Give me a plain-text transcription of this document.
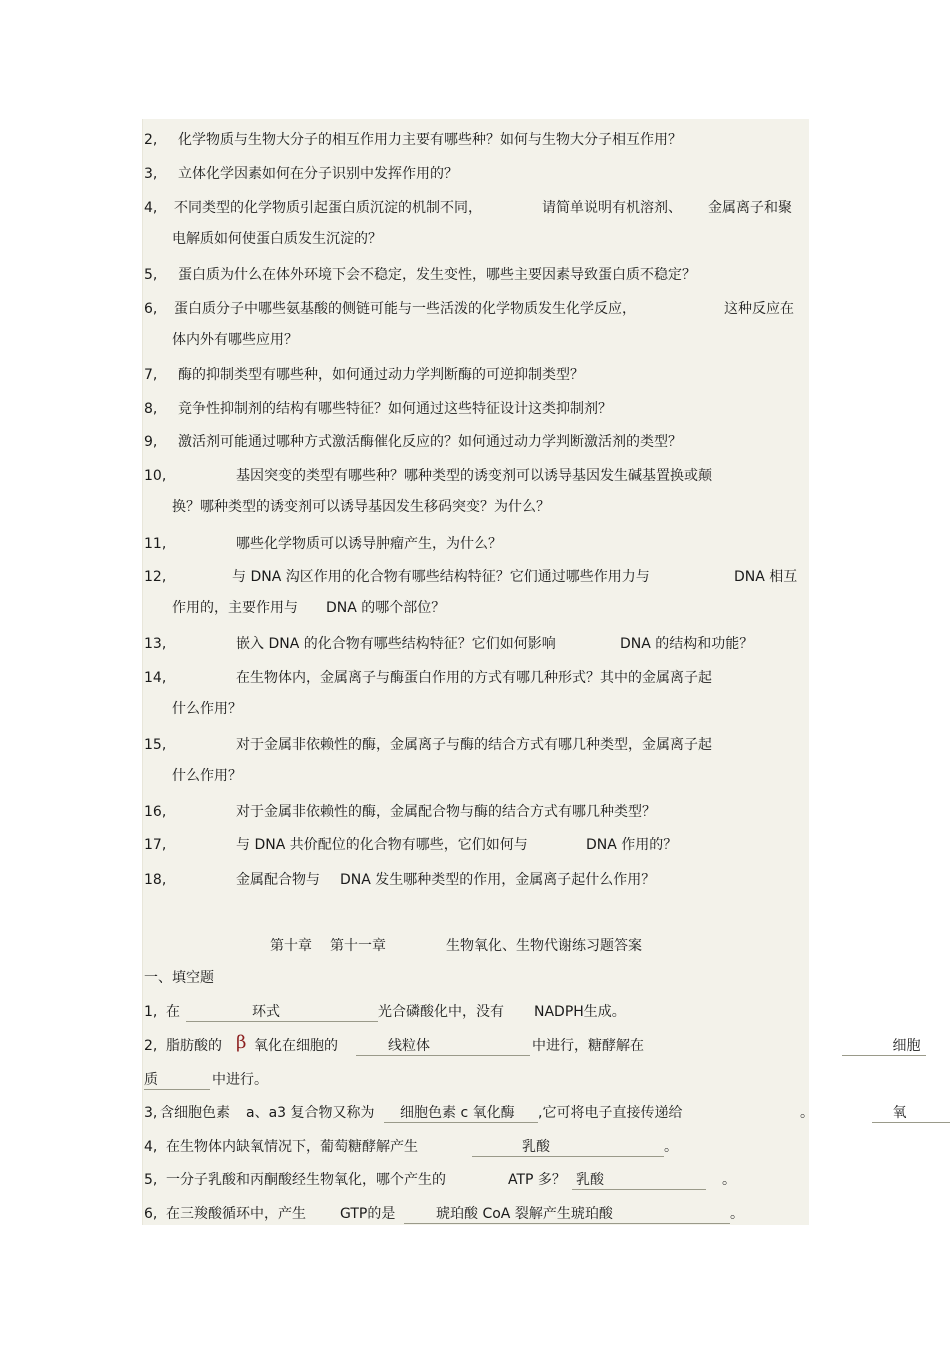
2, 化学物质与生物大分子的相互作用力主要有哪些种？如何与生物大分子相互作用？
3, 立体化学因素如何在分子识别中发挥作用的？
4, 不同类型的化学物质引起蛋白质沉淀的机制不同，	请简单说明有机溶剂、 金属离子和聚
电解质如何使蛋白质发生沉淀的？
5, 蛋白质为什么在体外环境下会不稳定，发生变性，哪些主要因素导致蛋白质不稳定？
6, 蛋白质分子中哪些氨基酸的侧链可能与一些活泼的化学物质发生化学反应，	这种反应在
体内外有哪些应用？
7, 酶的抑制类型有哪些种，如何通过动力学判断酶的可逆抑制类型？
8, 竞争性抑制剂的结构有哪些特征？如何通过这些特征设计这类抑制剂？
9, 激活剂可能通过哪种方式激活酶催化反应的？如何通过动力学判断激活剂的类型？
10,	基因突变的类型有哪些种？哪种类型的诱变剂可以诱导基因发生碱基置换或颠
换？哪种类型的诱变剂可以诱导基因发生移码突变？为什么？
11,	哪些化学物质可以诱导肿瘤产生，为什么？
12,	与 DNA 沟区作用的化合物有哪些结构特征？它们通过哪些作用力与	DNA 相互
作用的，主要作用与 DNA 的哪个部位？
13,	嵌入 DNA 的化合物有哪些结构特征？它们如何影响	DNA 的结构和功能？
14,	在生物体内，金属离子与酶蛋白作用的方式有哪几种形式？其中的金属离子起
什么作用？
15,	对于金属非依赖性的酶，金属离子与酶的结合方式有哪几种类型，金属离子起
什么作用？
16,	对于金属非依赖性的酶，金属配合物与酶的结合方式有哪几种类型？
17,	与 DNA 共价配位的化合物有哪些，它们如何与	DNA 作用的？
18,	金属配合物与 DNA 发生哪种类型的作用，金属离子起什么作用？
第十章 第十一章	生物氧化、生物代谢练习题答案
一、填空题
1, 在	环式	光合磷酸化中，没有 NADPH生成。
2, 脂肪酸的 β 氧化在细胞的	线粒体
	中进行，糖酵解在	细胞
质	中进行。
3, 含细胞色素 a、a3 复合物又称为 细胞色素 c 氧化酶
,它可将电子直接传递给	氧
。
4, 在生物体内缺氧情况下，葡萄糖酵解产生	乳酸	。
5, 一分子乳酸和丙酮酸经生物氧化，哪个产生的	ATP 多？ 乳酸	。
6, 在三羧酸循环中，产生 GTP的是	琥珀酸 CoA 裂解产生琥珀酸	。
